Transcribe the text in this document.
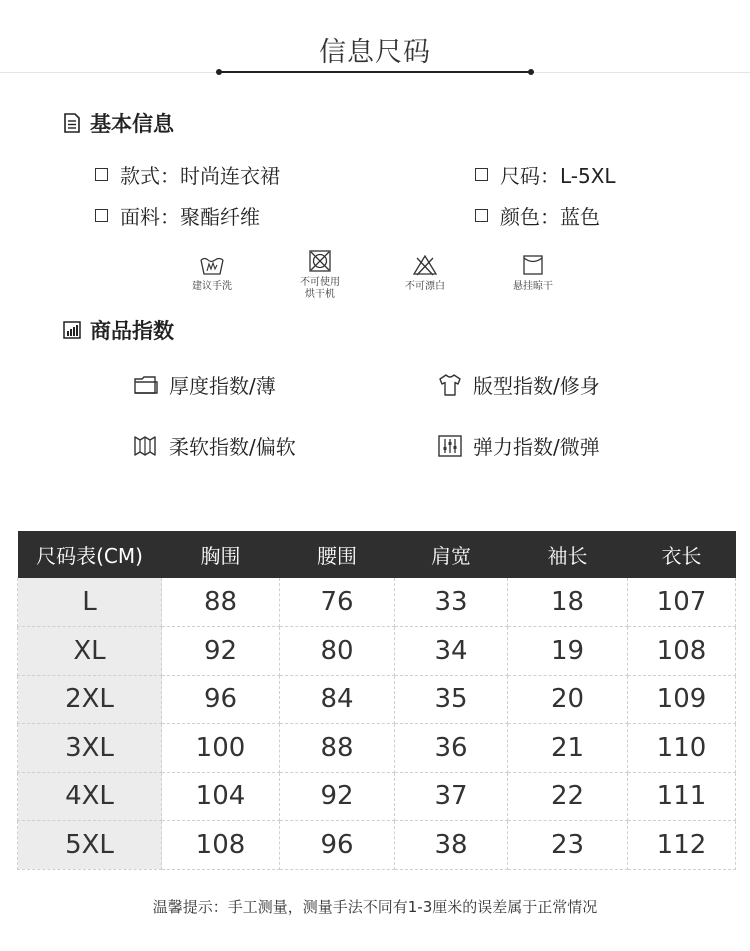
信息尺码
基本信息
款式：时尚连衣裙	尺码：L-5XL
面料：聚酯纤维	颜色：蓝色
建议手洗	不可使用
烘干机
不可漂白	悬挂晾干
商品指数
厚度指数/薄	版型指数/修身
柔软指数/偏软	弹力指数/微弹
尺码表(CM)	胸围	腰围	肩宽	袖长	衣长
L	88	76	33	18	107
XL	92	80	34	19	108
2XL	96	84	35	20	109
3XL	100	88	36	21	110
4XL	104	92	37	22	111
5XL	108	96	38	23	112
温馨提示：手工测量，测量手法不同有1-3厘米的误差属于正常情况
